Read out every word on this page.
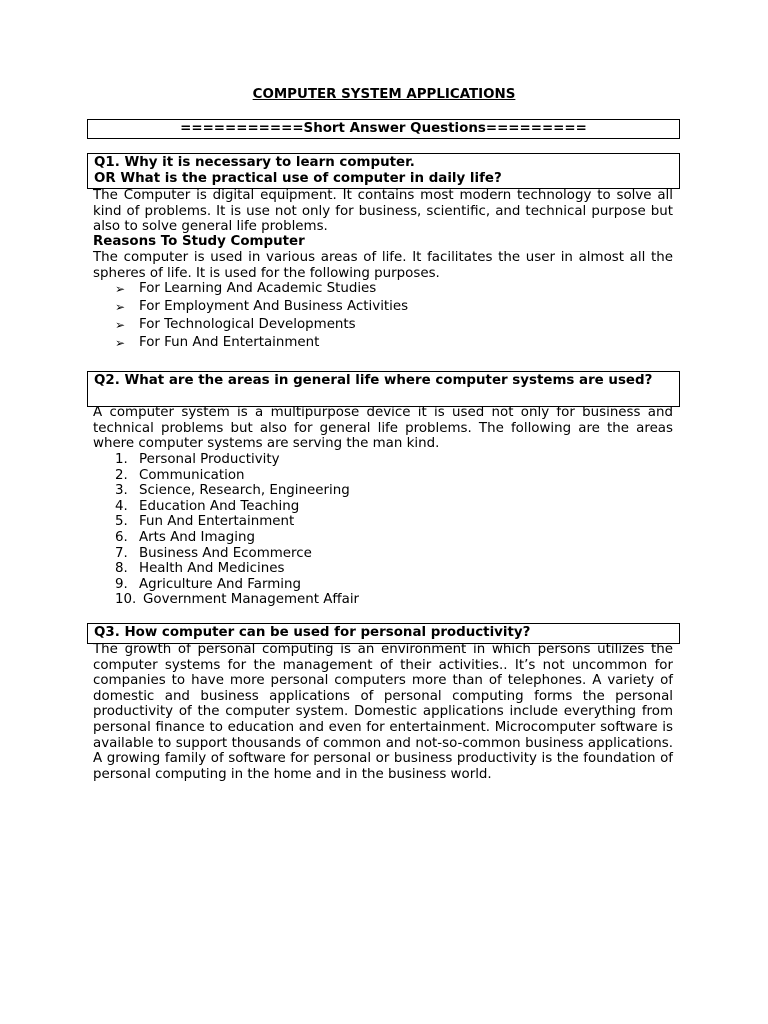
COMPUTER SYSTEM APPLICATIONS
===========Short Answer Questions=========
Q1. Why it is necessary to learn computer.
OR What is the practical use of computer in daily life?
The Computer is digital equipment. It contains most modern technology to solve all kind of problems. It is use not only for business, scientific, and technical purpose but also to solve general life problems.
Reasons To Study Computer
The computer is used in various areas of life. It facilitates the user in almost all the spheres of life. It is used for the following purposes.
➢ For Learning And Academic Studies
➢ For Employment And Business Activities
➢ For Technological Developments
➢ For Fun And Entertainment
Q2. What are the areas in general life where computer systems are used?
A computer system is a multipurpose device it is used not only for business and technical problems but also for general life problems. The following are the areas where computer systems are serving the man kind.
1. Personal Productivity
2. Communication
3. Science, Research, Engineering
4. Education And Teaching
5. Fun And Entertainment
6. Arts And Imaging
7. Business And Ecommerce
8. Health And Medicines
9. Agriculture And Farming
10. Government Management Affair
Q3. How computer can be used for personal productivity?
The growth of personal computing is an environment in which persons utilizes the computer systems for the management of their activities.. It’s not uncommon for companies to have more personal computers more than of telephones. A variety of domestic and business applications of personal computing forms the personal productivity of the computer system. Domestic applications include everything from personal finance to education and even for entertainment. Microcomputer software is available to support thousands of common and not-so-common business applications. A growing family of software for personal or business productivity is the foundation of personal computing in the home and in the business world.
